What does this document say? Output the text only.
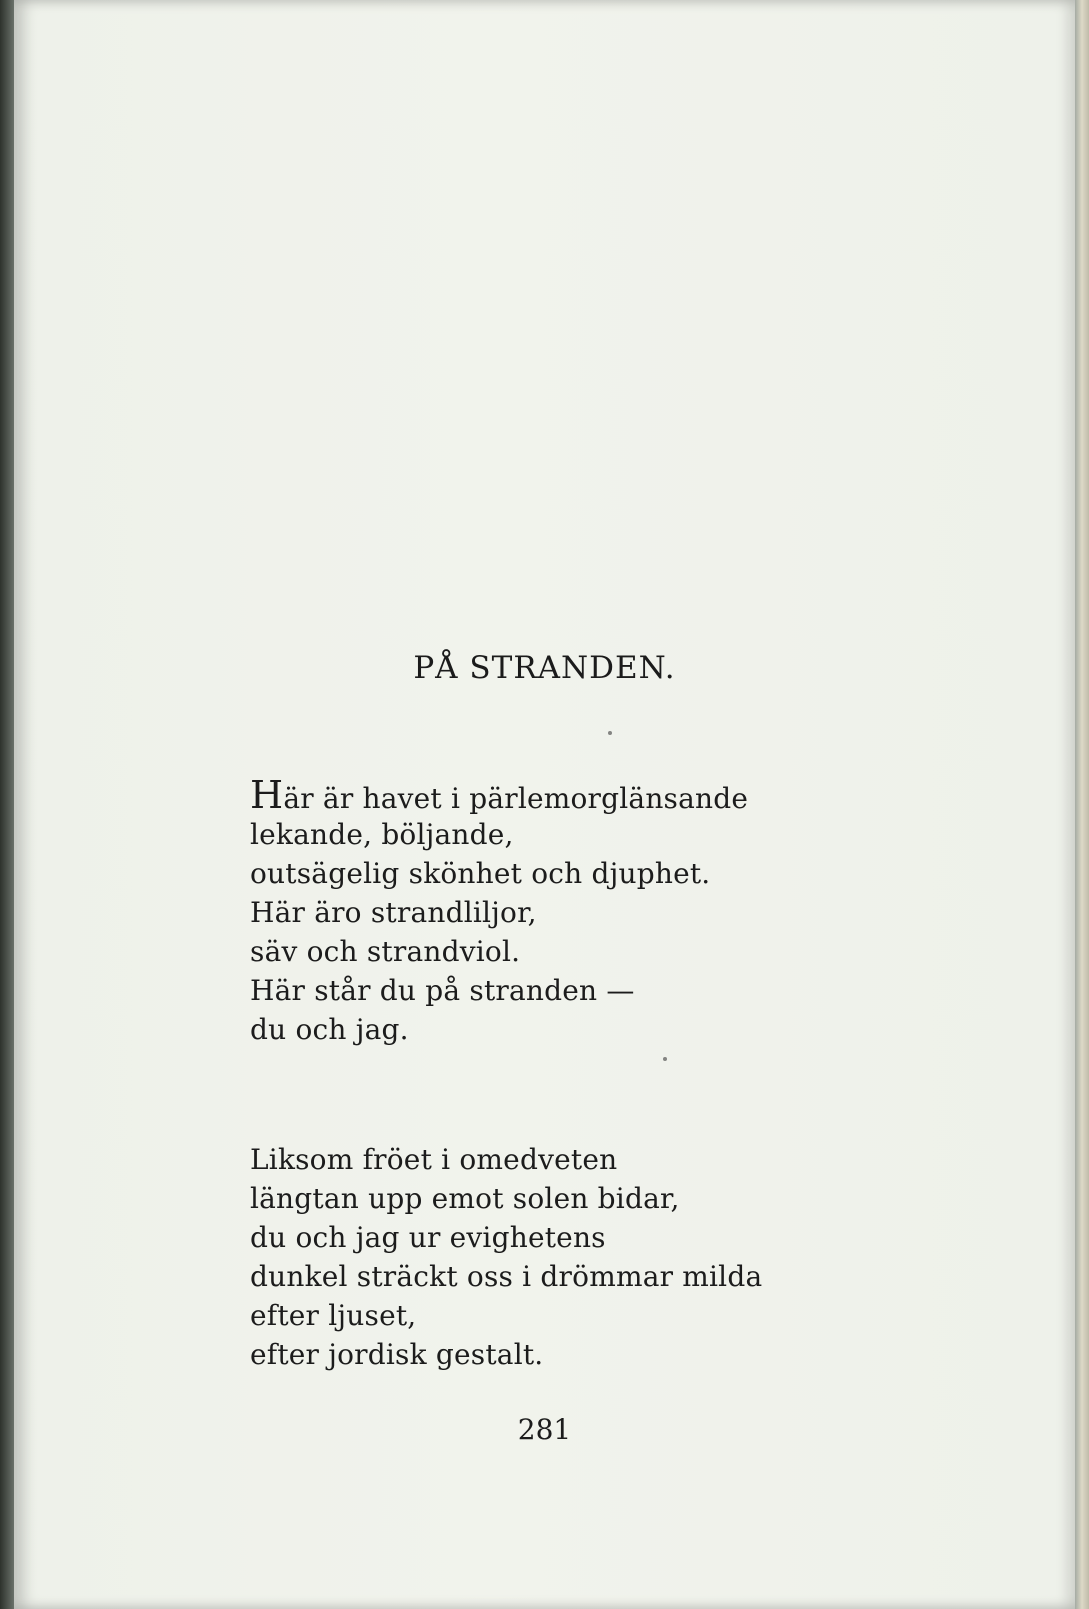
PÅ STRANDEN.
Här är havet i pärlemorglänsande
lekande, böljande,
outsägelig skönhet och djuphet.
Här äro strandliljor,
säv och strandviol.
Här står du på stranden —
du och jag.
Liksom fröet i omedveten
längtan upp emot solen bidar,
du och jag ur evighetens
dunkel sträckt oss i drömmar milda
efter ljuset,
efter jordisk gestalt.

281
